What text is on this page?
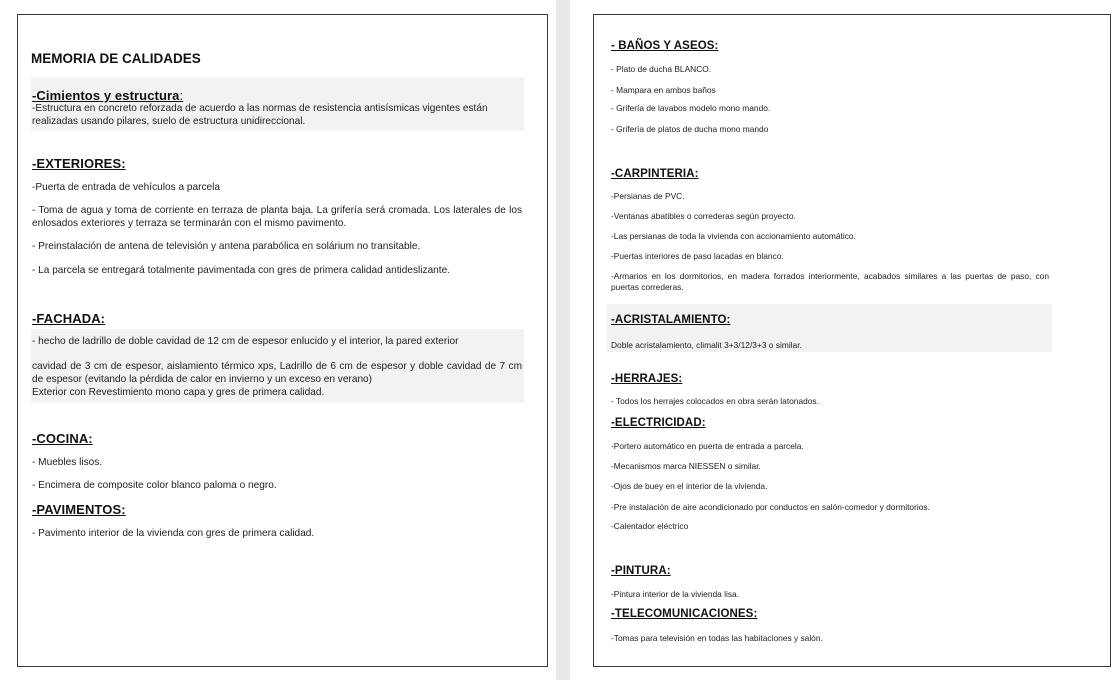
MEMORIA DE CALIDADES
-Cimientos y estructura:
-Estructura en concreto reforzada de acuerdo a las normas de resistencia antisísmicas vigentes están realizadas usando pilares, suelo de estructura unidireccional.
-EXTERIORES:
-Puerta de entrada de vehículos a parcela
- Toma de agua y toma de corriente en terraza de planta baja. La grifería será cromada. Los laterales de los enlosados exteriores y terraza se terminarán con el mismo pavimento.
- Preinstalación de antena de televisión y antena parabólica en solárium no transitable.
- La parcela se entregará totalmente pavimentada con gres de primera calidad antideslizante.
-FACHADA:
- hecho de ladrillo de doble cavidad de 12 cm de espesor enlucido y el interior, la pared exterior
cavidad de 3 cm de espesor, aislamiento térmico xps, Ladrillo de 6 cm de espesor y doble cavidad de 7 cm de espesor (evitando la pérdida de calor en invierno y un exceso en verano)
Exterior con Revestimiento mono capa y gres de primera calidad.
-COCINA:
- Muebles lisos.
- Encimera de composite color blanco paloma o negro.
-PAVIMENTOS:
- Pavimento interior de la vivienda con gres de primera calidad.
- BAÑOS Y ASEOS:
- Plato de ducha BLANCO.
- Mampara en ambos baños
- Grifería de lavabos modelo mono mando.
- Grifería de platos de ducha mono mando
-CARPINTERIA:
-Persianas de PVC.
-Ventanas abatibles o correderas según proyecto.
-Las persianas de toda la vivienda con accionamiento automático.
-Puertas interiores de paso lacadas en blanco.
-Armarios en los dormitorios, en madera forrados interiormente, acabados similares a las puertas de paso, con puertas correderas.
-ACRISTALAMIENTO:
Doble acristalamiento, climalit 3+3/12/3+3 o similar.
-HERRAJES:
- Todos los herrajes colocados en obra serán latonados.
-ELECTRICIDAD:
-Portero automático en puerta de entrada a parcela.
-Mecanismos marca NIESSEN o similar.
-Ojos de buey en el interior de la vivienda.
-Pre instalación de aire acondicionado por conductos en salón-comedor y dormitorios.
-Calentador eléctrico
-PINTURA:
-Pintura interior de la vivienda lisa.
-TELECOMUNICACIONES:
-Tomas para televisión en todas las habitaciones y salón.
